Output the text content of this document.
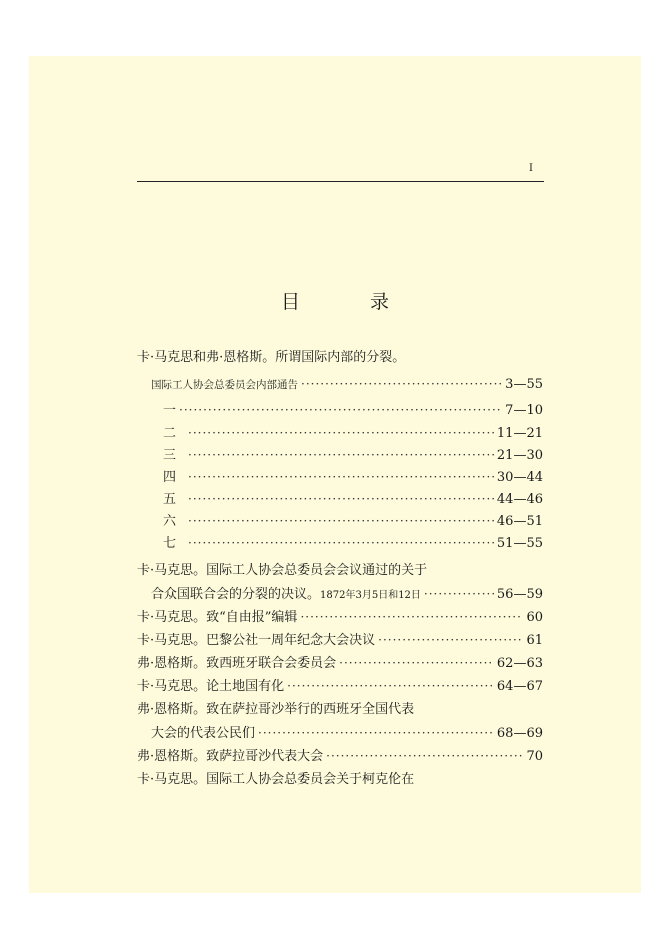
I
目 录
卡·马克思和弗·恩格斯。所谓国际内部的分裂。
国际工人协会总委员会内部通告 ·····	3—55
一 ·····	7—10
二 ·····	11—21
三 ·····	21—30
四 ·····	30—44
五 ·····	44—46
六 ·····	46—51
七 ·····	51—55
卡·马克思。国际工人协会总委员会会议通过的关于
合众国联合会的分裂的决议。 1872年3月5日和12日 ·····	56—59
卡·马克思。致“自由报”编辑 ·····	60
卡·马克思。巴黎公社一周年纪念大会决议 ·····	61
弗·恩格斯。致西班牙联合会委员会 ·····	62—63
卡·马克思。论土地国有化 ·····	64—67
弗·恩格斯。致在萨拉哥沙举行的西班牙全国代表
大会的代表公民们 ·····	68—69
弗·恩格斯。致萨拉哥沙代表大会 ·····	70
卡·马克思。国际工人协会总委员会关于柯克伦在
